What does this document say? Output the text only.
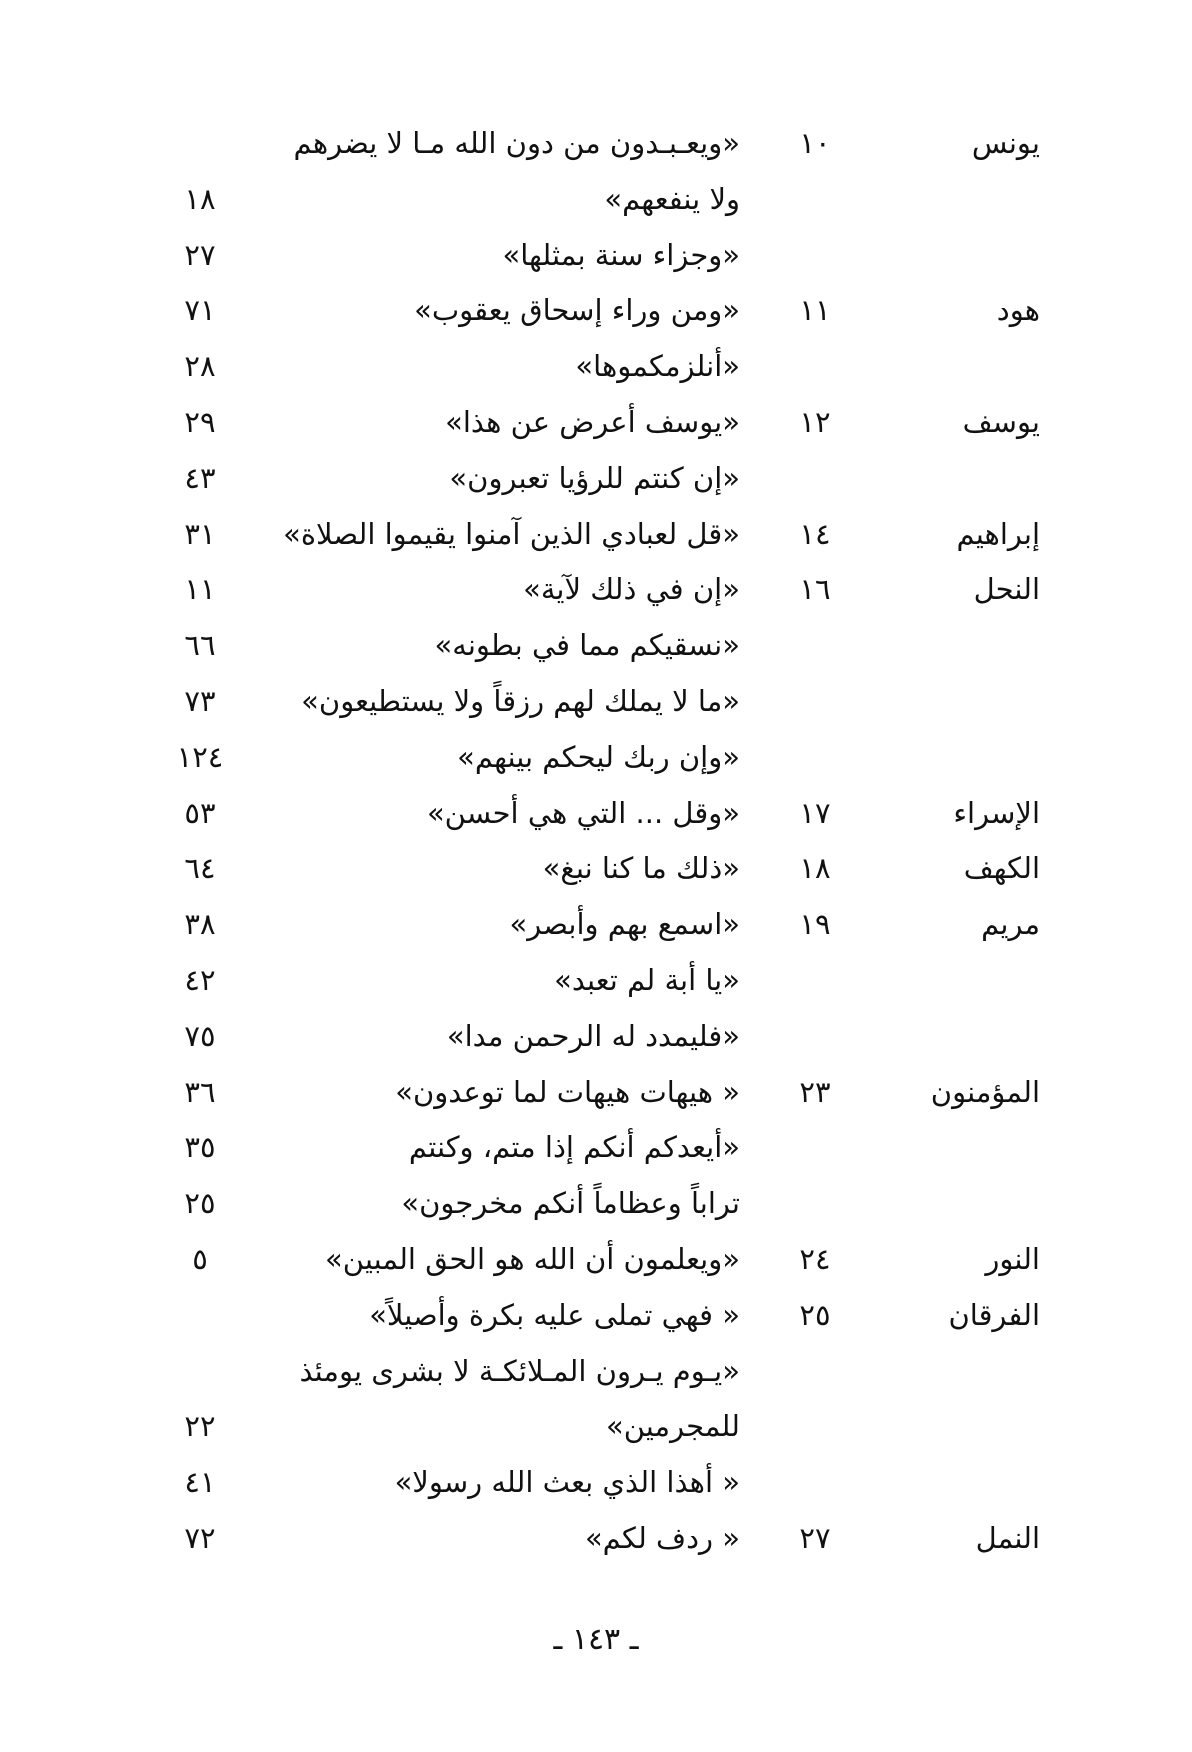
يونس
١٠
«ويعـبـدون من دون الله مـا لا يضرهم
ولا ينفعهم»
١٨
«وجزاء سنة بمثلها»
٢٧
هود
١١
«ومن وراء إسحاق يعقوب»
٧١
«أنلزمكموها»
٢٨
يوسف
١٢
«يوسف أعرض عن هذا»
٢٩
«إن كنتم للرؤيا تعبرون»
٤٣
إبراهيم
١٤
«قل لعبادي الذين آمنوا يقيموا الصلاة»
٣١
النحل
١٦
«إن في ذلك لآية»
١١
«نسقيكم مما في بطونه»
٦٦
«ما لا يملك لهم رزقاً ولا يستطيعون»
٧٣
«وإن ربك ليحكم بينهم»
١٢٤
الإسراء
١٧
«وقل ... التي هي أحسن»
٥٣
الكهف
١٨
«ذلك ما كنا نبغ»
٦٤
مريم
١٩
«اسمع بهم وأبصر»
٣٨
«يا أبة لم تعبد»
٤٢
«فليمدد له الرحمن مدا»
٧٥
المؤمنون
٢٣
« هيهات هيهات لما توعدون»
٣٦
«أيعدكم أنكم إذا متم، وكنتم
٣٥
تراباً وعظاماً أنكم مخرجون»
٢٥
النور
٢٤
«ويعلمون أن الله هو الحق المبين»
٥
الفرقان
٢٥
« فهي تملى عليه بكرة وأصيلاً»
«يـوم يـرون المـلائكـة لا بشرى يومئذ
للمجرمين»
٢٢
« أهذا الذي بعث الله رسولا»
٤١
النمل
٢٧
« ردف لكم»
٧٢
ـ ١٤٣ ـ
